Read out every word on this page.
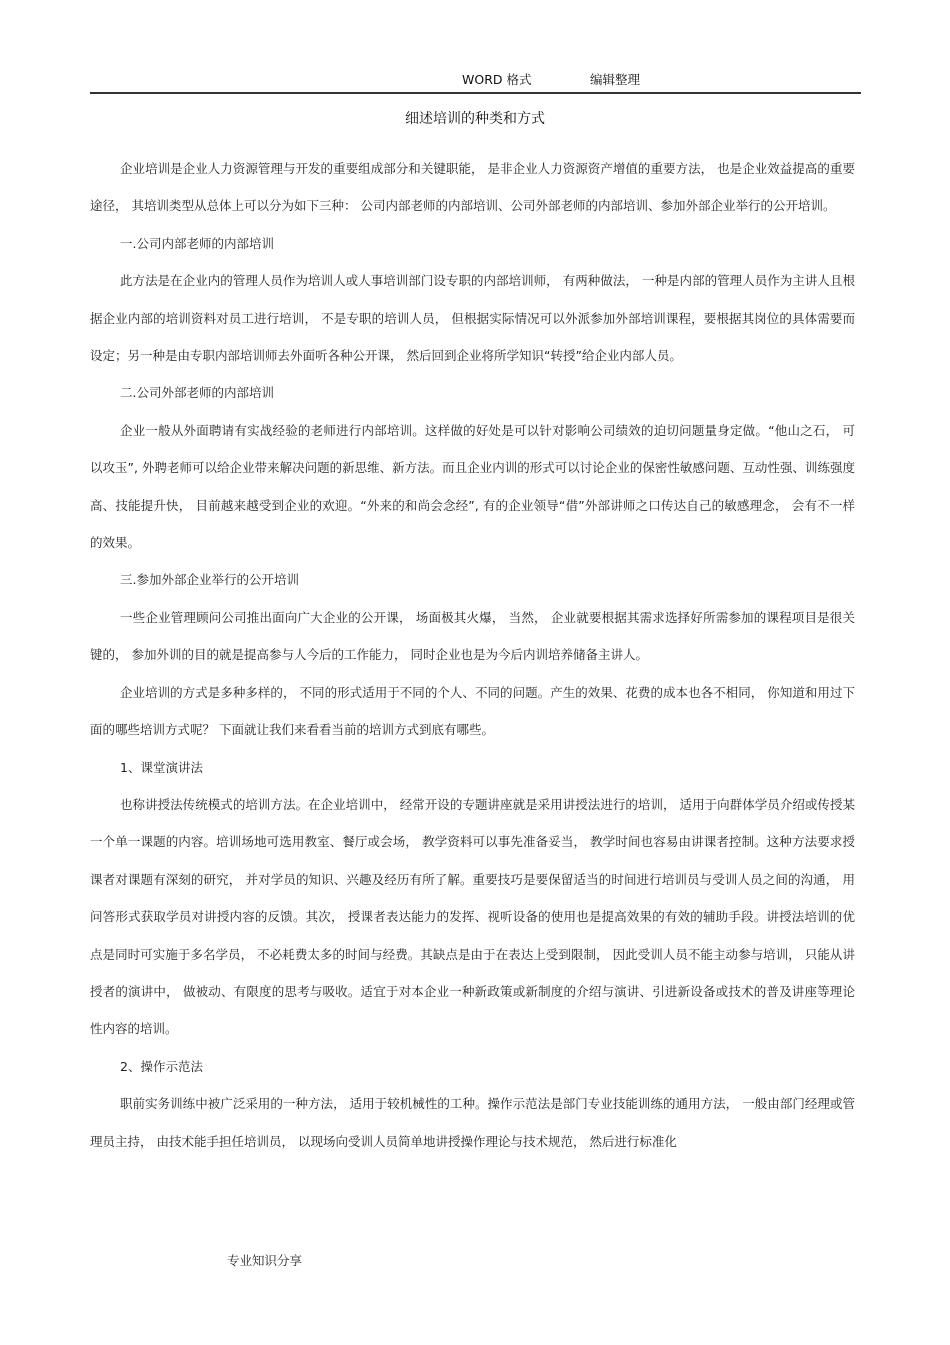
WORD 格式	编辑整理
细述培训的种类和方式

企业培训是企业人力资源管理与开发的重要组成部分和关键职能， 是非企业人力资源资产增值的重要方法， 也是企业效益提高的重要途径， 其培训类型从总体上可以分为如下三种： 公司内部老师的内部培训、公司外部老师的内部培训、参加外部企业举行的公开培训。

一.公司内部老师的内部培训

此方法是在企业内的管理人员作为培训人或人事培训部门设专职的内部培训师， 有两种做法， 一种是内部的管理人员作为主讲人且根据企业内部的培训资料对员工进行培训， 不是专职的培训人员， 但根据实际情况可以外派参加外部培训课程，要根据其岗位的具体需要而设定；另一种是由专职内部培训师去外面听各种公开课， 然后回到企业将所学知识“转授”给企业内部人员。

二.公司外部老师的内部培训

企业一般从外面聘请有实战经验的老师进行内部培训。这样做的好处是可以针对影响公司绩效的迫切问题量身定做。“他山之石， 可以攻玉”, 外聘老师可以给企业带来解决问题的新思维、新方法。而且企业内训的形式可以讨论企业的保密性敏感问题、互动性强、训练强度高、技能提升快， 目前越来越受到企业的欢迎。“外来的和尚会念经”, 有的企业领导“借”外部讲师之口传达自己的敏感理念， 会有不一样的效果。

三.参加外部企业举行的公开培训

一些企业管理顾问公司推出面向广大企业的公开课， 场面极其火爆， 当然， 企业就要根据其需求选择好所需参加的课程项目是很关键的， 参加外训的目的就是提高参与人今后的工作能力， 同时企业也是为今后内训培养储备主讲人。

企业培训的方式是多种多样的， 不同的形式适用于不同的个人、不同的问题。产生的效果、花费的成本也各不相同， 你知道和用过下面的哪些培训方式呢？ 下面就让我们来看看当前的培训方式到底有哪些。

1、课堂演讲法

也称讲授法传统模式的培训方法。在企业培训中， 经常开设的专题讲座就是采用讲授法进行的培训， 适用于向群体学员介绍或传授某一个单一课题的内容。培训场地可选用教室、餐厅或会场， 教学资料可以事先准备妥当， 教学时间也容易由讲课者控制。这种方法要求授课者对课题有深刻的研究， 并对学员的知识、兴趣及经历有所了解。重要技巧是要保留适当的时间进行培训员与受训人员之间的沟通， 用问答形式获取学员对讲授内容的反馈。其次， 授课者表达能力的发挥、视听设备的使用也是提高效果的有效的辅助手段。讲授法培训的优点是同时可实施于多名学员， 不必耗费太多的时间与经费。其缺点是由于在表达上受到限制， 因此受训人员不能主动参与培训， 只能从讲授者的演讲中， 做被动、有限度的思考与吸收。适宜于对本企业一种新政策或新制度的介绍与演讲、引进新设备或技术的普及讲座等理论性内容的培训。

2、操作示范法

职前实务训练中被广泛采用的一种方法， 适用于较机械性的工种。操作示范法是部门专业技能训练的通用方法， 一般由部门经理或管理员主持， 由技术能手担任培训员， 以现场向受训人员简单地讲授操作理论与技术规范， 然后进行标准化

专业知识分享
